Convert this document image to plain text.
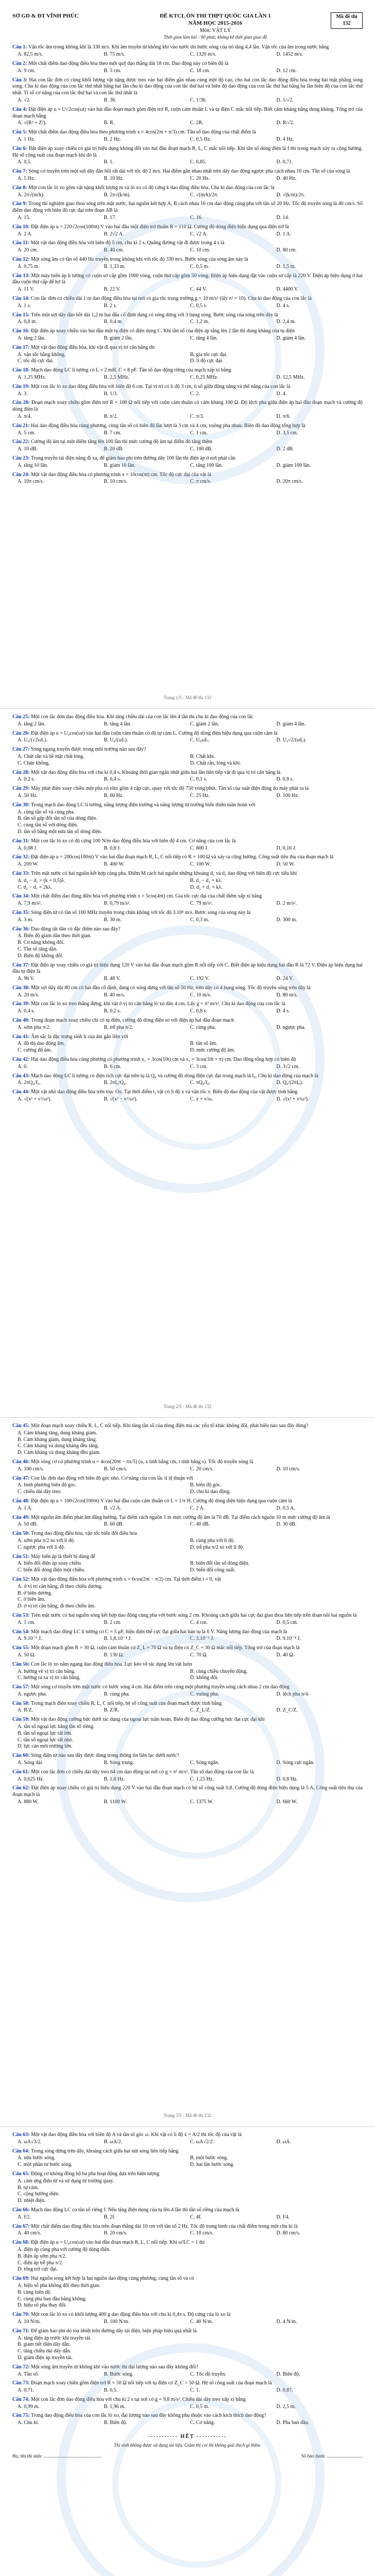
SỞ GD & ĐT VĨNH PHÚC	ĐỀ KTCL ÔN THI THPT QUỐC GIA LẦN 1
NĂM HỌC 2015-2016
Môn: VẬT LÝ
Thời gian làm bài : 90 phút; không kể thời gian giao đề
Mã đề thi
132
Câu 1: Vận tốc âm trong không khí là 330 m/s. Khi âm truyền từ không khí vào nước thì bước sóng của nó tăng 4,4 lần. Vận tốc của âm trong nước bằng
A. 82,5 m/s.	B. 75 m/s.	C. 1320 m/s.	D. 1452 m/s.
Câu 2: Một chất điểm dao động điều hòa theo một quỹ đạo thẳng dài 18 cm. Dao động này có biên độ là
A. 9 cm.	B. 3 cm.	C. 18 cm.	D. 12 cm.
Câu 3: Hai con lắc đơn có cùng khối lượng vật nặng được treo vào hai điểm gần nhau cùng một độ cao, cho hai con lắc dao động điều hòa trong hai mặt phẳng song song. Chu kì dao động của con lắc thứ nhất bằng hai lần chu kì dao động của con lắc thứ hai và biên độ dao động của con lắc thứ hai bằng ba lần biên độ của con lắc thứ nhất. Tỉ số cơ năng của con lắc thứ hai và con lắc thứ nhất là
A. √2.	B. 36.	C. 1/36.	D. 1/√2.
Câu 4: Đặt điện áp u = U√2cos(ωt) vào hai đầu đoạn mạch gồm điện trở R, cuộn cảm thuần L và tụ điện C mắc nối tiếp. Biết cảm kháng bằng dung kháng. Tổng trở của đoạn mạch bằng
A. √(R² + Z²).	B. R.	C. 2R.	D. R/√2.
Câu 5: Một chất điểm dao động điều hòa theo phương trình x = 4cos(2πt + π/3) cm. Tần số dao động của chất điểm là
A. 1 Hz.	B. 2 Hz.	C. 0,5 Hz.	D. 4 Hz.
Câu 6: Đặt điện áp xoay chiều có giá trị hiệu dụng không đổi vào hai đầu đoạn mạch R, L, C mắc nối tiếp. Khi tần số dòng điện là f thì trong mạch xảy ra cộng hưởng. Hệ số công suất của đoạn mạch khi đó là
A. 0,5.	B. 1.	C. 0,85.	D. 0,71.
Câu 7: Sóng cơ truyền trên một sợi dây đàn hồi rất dài với tốc độ 2 m/s. Hai điểm gần nhau nhất trên dây dao động ngược pha cách nhau 10 cm. Tần số của sóng là
A. 5 Hz.	B. 10 Hz.	C. 20 Hz.	D. 40 Hz.
Câu 8: Một con lắc lò xo gồm vật nặng khối lượng m và lò xo có độ cứng k dao động điều hòa. Chu kì dao động của con lắc là
A. 2π√(m/k).	B. 2π√(k/m).	C. √(m/k)/2π.	D. √(k/m)/2π.
Câu 9: Trong thí nghiệm giao thoa sóng trên mặt nước, hai nguồn kết hợp A, B cách nhau 16 cm dao động cùng pha với tần số 20 Hz. Tốc độ truyền sóng là 40 cm/s. Số điểm dao động với biên độ cực đại trên đoạn AB là
A. 15.	B. 17.	C. 16.	D. 14.
Câu 10: Đặt điện áp u = 220√2cos(100πt) V vào hai đầu một điện trở thuần R = 110 Ω. Cường độ dòng điện hiệu dụng qua điện trở là
A. 2 A.	B. 2√2 A.	C. √2 A.	D. 1 A.
Câu 11: Một vật dao động điều hòa với biên độ 5 cm, chu kì 2 s. Quãng đường vật đi được trong 4 s là
A. 20 cm.	B. 40 cm.	C. 10 cm.	D. 80 cm.
Câu 12: Một sóng âm có tần số 440 Hz truyền trong không khí với tốc độ 330 m/s. Bước sóng của sóng âm này là
A. 0,75 m.	B. 1,33 m.	C. 0,5 m.	D. 1,5 m.
Câu 13: Một máy biến áp lí tưởng có cuộn sơ cấp gồm 1000 vòng, cuộn thứ cấp gồm 50 vòng. Điện áp hiệu dụng đặt vào cuộn sơ cấp là 220 V. Điện áp hiệu dụng ở hai đầu cuộn thứ cấp để hở là
A. 11 V.	B. 22 V.	C. 44 V.	D. 4400 V.
Câu 14: Con lắc đơn có chiều dài 1 m dao động điều hòa tại nơi có gia tốc trọng trường g = 10 m/s² (lấy π² = 10). Chu kì dao động của con lắc là
A. 1 s.	B. 2 s.	C. 0,5 s.	D. 4 s.
Câu 15: Trên một sợi dây đàn hồi dài 1,2 m hai đầu cố định đang có sóng dừng với 3 bụng sóng. Bước sóng của sóng trên dây là
A. 0,8 m.	B. 0,4 m.	C. 1,2 m.	D. 2,4 m.
Câu 16: Đặt điện áp xoay chiều vào hai đầu một tụ điện có điện dung C. Khi tần số của điện áp tăng lên 2 lần thì dung kháng của tụ điện
A. tăng 2 lần.	B. giảm 2 lần.	C. tăng 4 lần.	D. giảm 4 lần.
Câu 17: Một vật dao động điều hòa, khi vật đi qua vị trí cân bằng thì
A. vận tốc bằng không.	B. gia tốc cực đại.
C. tốc độ cực đại.	D. li độ cực đại.
Câu 18: Mạch dao động LC lí tưởng có L = 2 mH, C = 8 pF. Tần số dao động riêng của mạch xấp xỉ bằng
A. 1,25 MHz.	B. 2,5 MHz.	C. 0,25 MHz.	D. 12,5 MHz.
Câu 19: Một con lắc lò xo dao động điều hòa với biên độ 6 cm. Tại vị trí có li độ 3 cm, tỉ số giữa động năng và thế năng của con lắc là
A. 3.	B. 1/3.	C. 2.	D. 4.
Câu 20: Đoạn mạch xoay chiều gồm điện trở R = 100 Ω nối tiếp với cuộn cảm thuần có cảm kháng 100 Ω. Độ lệch pha giữa điện áp hai đầu đoạn mạch và cường độ dòng điện là
A. π/4.	B. π/2.	C. π/3.	D. π/6.
Câu 21: Hai dao động điều hòa cùng phương, cùng tần số có biên độ lần lượt là 3 cm và 4 cm, vuông pha nhau. Biên độ dao động tổng hợp là
A. 5 cm.	B. 7 cm.	C. 1 cm.	D. 3,5 cm.
Câu 22: Cường độ âm tại một điểm tăng lên 100 lần thì mức cường độ âm tại điểm đó tăng thêm
A. 10 dB.	B. 20 dB.	C. 100 dB.	D. 2 dB.
Câu 23: Trong truyền tải điện năng đi xa, để giảm hao phí trên đường dây 100 lần thì điện áp ở nơi phát cần
A. tăng 10 lần.	B. giảm 10 lần.	C. tăng 100 lần.	D. giảm 100 lần.
Câu 24: Một vật dao động điều hòa có phương trình x = 10cos(πt) cm. Tốc độ cực đại của vật là
A. 10π cm/s.	B. 10 cm/s.	C. π cm/s.	D. 20π cm/s.
Trang 1/5 - Mã đề thi 132
Câu 25: Một con lắc đơn dao động điều hòa. Khi tăng chiều dài của con lắc lên 4 lần thì chu kì dao động của con lắc
A. tăng 2 lần.	B. tăng 4 lần.	C. giảm 2 lần.	D. giảm 4 lần.
Câu 26: Đặt điện áp u = U₀cos(ωt) vào hai đầu cuộn cảm thuần có độ tự cảm L. Cường độ dòng điện hiệu dụng qua cuộn cảm là
A. U₀/(√2ωL).	B. U₀/(ωL).	C. U₀ωL.	D. U₀√2/(ωL).
Câu 27: Sóng ngang truyền được trong môi trường nào sau đây?
A. Chất rắn và bề mặt chất lỏng.	B. Chất khí.
C. Chân không.	D. Chất rắn, lỏng và khí.
Câu 28: Một vật dao động điều hòa với chu kì 0,4 s. Khoảng thời gian ngắn nhất giữa hai lần liên tiếp vật đi qua vị trí cân bằng là
A. 0,2 s.	B. 0,4 s.	C. 0,1 s.	D. 0,8 s.
Câu 29: Máy phát điện xoay chiều một pha có rôto gồm 4 cặp cực, quay với tốc độ 750 vòng/phút. Tần số của suất điện động do máy phát ra là
A. 50 Hz.	B. 60 Hz.	C. 25 Hz.	D. 100 Hz.
Câu 30: Trong mạch dao động LC lí tưởng, năng lượng điện trường và năng lượng từ trường biến thiên tuần hoàn với
A. cùng tần số và cùng pha.
B. tần số gấp đôi tần số của dòng điện.
C. cùng tần số với dòng điện.
D. tần số bằng một nửa tần số dòng điện.
Câu 31: Một con lắc lò xo có độ cứng 100 N/m dao động điều hòa với biên độ 4 cm. Cơ năng của con lắc là
A. 0,08 J.	B. 0,8 J.	C. 800 J.	D. 0,16 J.
Câu 32: Đặt điện áp u = 200cos(100πt) V vào hai đầu đoạn mạch R, L, C nối tiếp có R = 100 Ω và xảy ra cộng hưởng. Công suất tiêu thụ của đoạn mạch là
A. 200 W.	B. 400 W.	C. 100 W.	D. 50 W.
Câu 33: Trên mặt nước có hai nguồn kết hợp cùng pha. Điểm M cách hai nguồn những khoảng d₁ và d₂ dao động với biên độ cực tiểu khi
A. d₂ − d₁ = (k + 0,5)λ.	B. d₂ − d₁ = kλ.
C. d₂ − d₁ = 2kλ.	D. d₂ + d₁ = kλ.
Câu 34: Một chất điểm dao động điều hòa với phương trình x = 5cos(4πt) cm. Gia tốc cực đại của chất điểm xấp xỉ bằng
A. 7,9 m/s².	B. 0,79 m/s².	C. 79 m/s².	D. 2 m/s².
Câu 35: Sóng điện từ có tần số 100 MHz truyền trong chân không với tốc độ 3.10⁸ m/s. Bước sóng của sóng này là
A. 3 m.	B. 30 m.	C. 0,3 m.	D. 300 m.
Câu 36: Dao động tắt dần có đặc điểm nào sau đây?
A. Biên độ giảm dần theo thời gian.
B. Cơ năng không đổi.
C. Tần số tăng dần.
D. Biên độ không đổi.
Câu 37: Đặt điện áp xoay chiều có giá trị hiệu dụng 120 V vào hai đầu đoạn mạch gồm R nối tiếp với C. Biết điện áp hiệu dụng hai đầu R là 72 V. Điện áp hiệu dụng hai đầu tụ điện là
A. 96 V.	B. 48 V.	C. 192 V.	D. 24 V.
Câu 38: Một sợi dây dài 80 cm có hai đầu cố định, đang có sóng dừng với tần số 50 Hz, trên dây có 4 bụng sóng. Tốc độ truyền sóng trên dây là
A. 20 m/s.	B. 40 m/s.	C. 10 m/s.	D. 80 m/s.
Câu 39: Một con lắc lò xo treo thẳng đứng, khi vật ở vị trí cân bằng lò xo dãn 4 cm. Lấy g = π² m/s². Chu kì dao động của con lắc là
A. 0,4 s.	B. 0,2 s.	C. 0,8 s.	D. 4 s.
Câu 40: Trong đoạn mạch xoay chiều chỉ có tụ điện, cường độ dòng điện so với điện áp hai đầu đoạn mạch
A. sớm pha π/2.	B. trễ pha π/2.	C. cùng pha.	D. ngược pha.
Câu 41: Âm sắc là đặc trưng sinh lí của âm gắn liền với
A. đồ thị dao động âm.	B. tần số âm.
C. cường độ âm.	D. mức cường độ âm.
Câu 42: Hai dao động điều hòa cùng phương có phương trình x₁ = 3cos(10t) cm và x₂ = 3cos(10t + π) cm. Dao động tổng hợp có biên độ
A. 0.	B. 6 cm.	C. 3 cm.	D. 3√2 cm.
Câu 43: Mạch dao động LC lí tưởng có điện tích cực đại trên tụ là Q₀ và cường độ dòng điện cực đại trong mạch là I₀. Chu kì dao động của mạch là
A. 2πQ₀/I₀.	B. 2πI₀/Q₀.	C. πQ₀/I₀.	D. Q₀/(2πI₀).
Câu 44: Một vật nhỏ dao động điều hòa trên trục Ox. Tại thời điểm t, vật có li độ x và vận tốc v. Biên độ dao động của vật được tính bằng
A. √(x² + v²/ω²).	B. √(x² − v²/ω²).	C. x + v/ω.	D. √(x² + v²ω²).
Trang 2/5 - Mã đề thi 132
Câu 45: Một đoạn mạch xoay chiều R, L, C nối tiếp. Khi tăng tần số của dòng điện mà các yếu tố khác không đổi, phát biểu nào sau đây đúng?
A. Cảm kháng tăng, dung kháng giảm.
B. Cảm kháng giảm, dung kháng tăng.
C. Cảm kháng và dung kháng đều tăng.
D. Cảm kháng và dung kháng đều giảm.
Câu 46: Một sóng cơ có phương trình u = 4cos(20πt − πx/5) (u, x tính bằng cm, t tính bằng s). Tốc độ truyền sóng là
A. 100 cm/s.	B. 50 cm/s.	C. 20 cm/s.	D. 10 cm/s.
Câu 47: Con lắc đơn dao động với biên độ góc nhỏ. Cơ năng của con lắc tỉ lệ thuận với
A. bình phương biên độ góc.	B. biên độ góc.
C. chiều dài dây treo.	D. chu kì dao động.
Câu 48: Đặt điện áp u = 100√2cos(100πt) V vào hai đầu cuộn cảm thuần có L = 1/π H. Cường độ dòng điện hiệu dụng qua cuộn cảm là
A. 1 A.	B. √2 A.	C. 2 A.	D. 0,5 A.
Câu 49: Một nguồn âm điểm phát âm đẳng hướng. Tại điểm cách nguồn 1 m mức cường độ âm là 70 dB. Tại điểm cách nguồn 10 m mức cường độ âm là
A. 50 dB.	B. 60 dB.	C. 40 dB.	D. 30 dB.
Câu 50: Trong dao động điều hòa, vận tốc biến đổi điều hòa
A. sớm pha π/2 so với li độ.	B. cùng pha với li độ.
C. ngược pha với li độ.	D. trễ pha π/2 so với li độ.
Câu 51: Máy biến áp là thiết bị dùng để
A. biến đổi điện áp xoay chiều.	B. biến đổi tần số dòng điện.
C. biến đổi dòng điện một chiều.	D. biến đổi công suất.
Câu 52: Một vật dao động điều hòa với phương trình x = 6cos(2πt − π/2) cm. Tại thời điểm t = 0, vật
A. ở vị trí cân bằng, đi theo chiều dương.
B. ở biên dương.
C. ở biên âm.
D. ở vị trí cân bằng, đi theo chiều âm.
Câu 53: Trên mặt nước có hai nguồn sóng kết hợp dao động cùng pha với bước sóng 2 cm. Khoảng cách giữa hai cực đại giao thoa liên tiếp trên đoạn nối hai nguồn là
A. 1 cm.	B. 2 cm.	C. 4 cm.	D. 0,5 cm.
Câu 54: Một mạch dao động LC lí tưởng có C = 5 μF, hiệu điện thế cực đại giữa hai bản tụ là 6 V. Năng lượng dao động của mạch là
A. 9.10⁻⁵ J.	B. 1,8.10⁻⁴ J.	C. 3.10⁻⁵ J.	D. 9.10⁻⁴ J.
Câu 55: Một đoạn mạch gồm R = 30 Ω, cuộn cảm thuần có Z_L = 70 Ω và tụ điện có Z_C = 30 Ω mắc nối tiếp. Tổng trở của đoạn mạch là
A. 50 Ω.	B. 130 Ω.	C. 70 Ω.	D. 40 Ω.
Câu 56: Con lắc lò xo nằm ngang dao động điều hòa. Lực kéo về tác dụng lên vật luôn
A. hướng về vị trí cân bằng.	B. cùng chiều chuyển động.
C. hướng ra xa vị trí cân bằng.	D. không đổi.
Câu 57: Một sóng cơ truyền trên mặt nước có bước sóng 4 cm. Hai điểm trên cùng một phương truyền sóng cách nhau 2 cm dao động
A. ngược pha.	B. cùng pha.	C. vuông pha.	D. lệch pha π/4.
Câu 58: Trong mạch điện xoay chiều R, L, C nối tiếp, hệ số công suất của đoạn mạch được tính bằng
A. R/Z.	B. Z/R.	C. Z_L/Z.	D. Z_C/Z.
Câu 59: Một vật dao động cưỡng bức dưới tác dụng của ngoại lực tuần hoàn. Biên độ dao động cưỡng bức đạt cực đại khi
A. tần số ngoại lực bằng tần số riêng.
B. tần số ngoại lực rất lớn.
C. tần số ngoại lực rất nhỏ.
D. lực cản môi trường lớn.
Câu 60: Sóng điện từ nào sau đây được dùng trong thông tin liên lạc dưới nước?
A. Sóng dài.	B. Sóng trung.	C. Sóng ngắn.	D. Sóng cực ngắn.
Câu 61: Một con lắc đơn có chiều dài dây treo 64 cm dao động tại nơi có g = π² m/s². Tần số dao động của con lắc là
A. 0,625 Hz.	B. 1,6 Hz.	C. 1,25 Hz.	D. 0,8 Hz.
Câu 62: Đặt điện áp xoay chiều có giá trị hiệu dụng 220 V vào hai đầu đoạn mạch có hệ số công suất 0,8. Cường độ dòng điện hiệu dụng là 5 A. Công suất tiêu thụ của đoạn mạch là
A. 880 W.	B. 1100 W.	C. 1375 W.	D. 660 W.
Trang 3/5 - Mã đề thi 132
Câu 63: Một vật dao động điều hòa với biên độ A và tần số góc ω. Khi vật có li độ x = A/2 thì tốc độ của vật là
A. ωA√3/2.	B. ωA/2.	C. ωA√2/2.	D. ωA.
Câu 64: Trong sóng dừng trên dây, khoảng cách giữa hai nút sóng liên tiếp bằng
A. nửa bước sóng.	B. một bước sóng.
C. một phần tư bước sóng.	D. hai lần bước sóng.
Câu 65: Động cơ không đồng bộ ba pha hoạt động dựa trên hiện tượng
A. cảm ứng điện từ và sử dụng từ trường quay.
B. tự cảm.
C. cộng hưởng điện.
D. nhiệt điện.
Câu 66: Mạch dao động LC có tần số riêng f. Nếu tăng điện dung của tụ lên 4 lần thì tần số riêng của mạch là
A. f/2.	B. 2f.	C. 4f.	D. f/4.
Câu 67: Một chất điểm dao động điều hòa trên đoạn thẳng dài 10 cm với tần số 2 Hz. Tốc độ trung bình của chất điểm trong một chu kì là
A. 40 cm/s.	B. 20 cm/s.	C. 10 cm/s.	D. 80 cm/s.
Câu 68: Đặt điện áp u = U₀cos(ωt) vào hai đầu đoạn mạch R, L, C nối tiếp. Khi ω²LC = 1 thì
A. điện áp cùng pha với cường độ dòng điện.
B. điện áp sớm pha π/2.
C. điện áp trễ pha π/2.
D. tổng trở cực đại.
Câu 69: Hai nguồn sóng kết hợp là hai nguồn dao động cùng phương, cùng tần số và có
A. hiệu số pha không đổi theo thời gian.
B. cùng biên độ.
C. cùng pha ban đầu bằng không.
D. hiệu số pha thay đổi.
Câu 70: Một con lắc lò xo có khối lượng 400 g dao động điều hòa với chu kì 0,4π s. Độ cứng của lò xo là
A. 10 N/m.	B. 100 N/m.	C. 40 N/m.	D. 4 N/m.
Câu 71: Để giảm hao phí do tỏa nhiệt trên đường dây tải điện, biện pháp hiệu quả nhất là
A. tăng điện áp trước khi truyền tải.
B. giảm tiết diện dây dẫn.
C. tăng chiều dài dây dẫn.
D. giảm điện áp truyền tải.
Câu 72: Một sóng âm truyền từ không khí vào nước thì đại lượng nào sau đây không đổi?
A. Tần số.	B. Bước sóng.	C. Tốc độ truyền.	D. Biên độ.
Câu 73: Đoạn mạch xoay chiều gồm điện trở R = 50 Ω nối tiếp với tụ điện có Z_C = 50 Ω. Hệ số công suất của đoạn mạch là
A. 0,71.	B. 0,5.	C. 1.	D. 0,87.
Câu 74: Một con lắc đơn dao động điều hòa với chu kì 2 s tại nơi có g = 9,8 m/s². Chiều dài dây treo xấp xỉ bằng
A. 0,99 m.	B. 1,96 m.	C. 0,5 m.	D. 2,5 m.
Câu 75: Trong dao động điều hòa của con lắc lò xo, đại lượng nào sau đây không phụ thuộc vào cách kích thích dao động?
A. Chu kì.	B. Biên độ.	C. Cơ năng.	D. Pha ban đầu.
----------- HẾT -----------
Thí sinh không được sử dụng tài liệu. Giám thị coi thi không giải thích gì thêm.
Họ, tên thí sinh: ..................................................	Số báo danh: ...............................
